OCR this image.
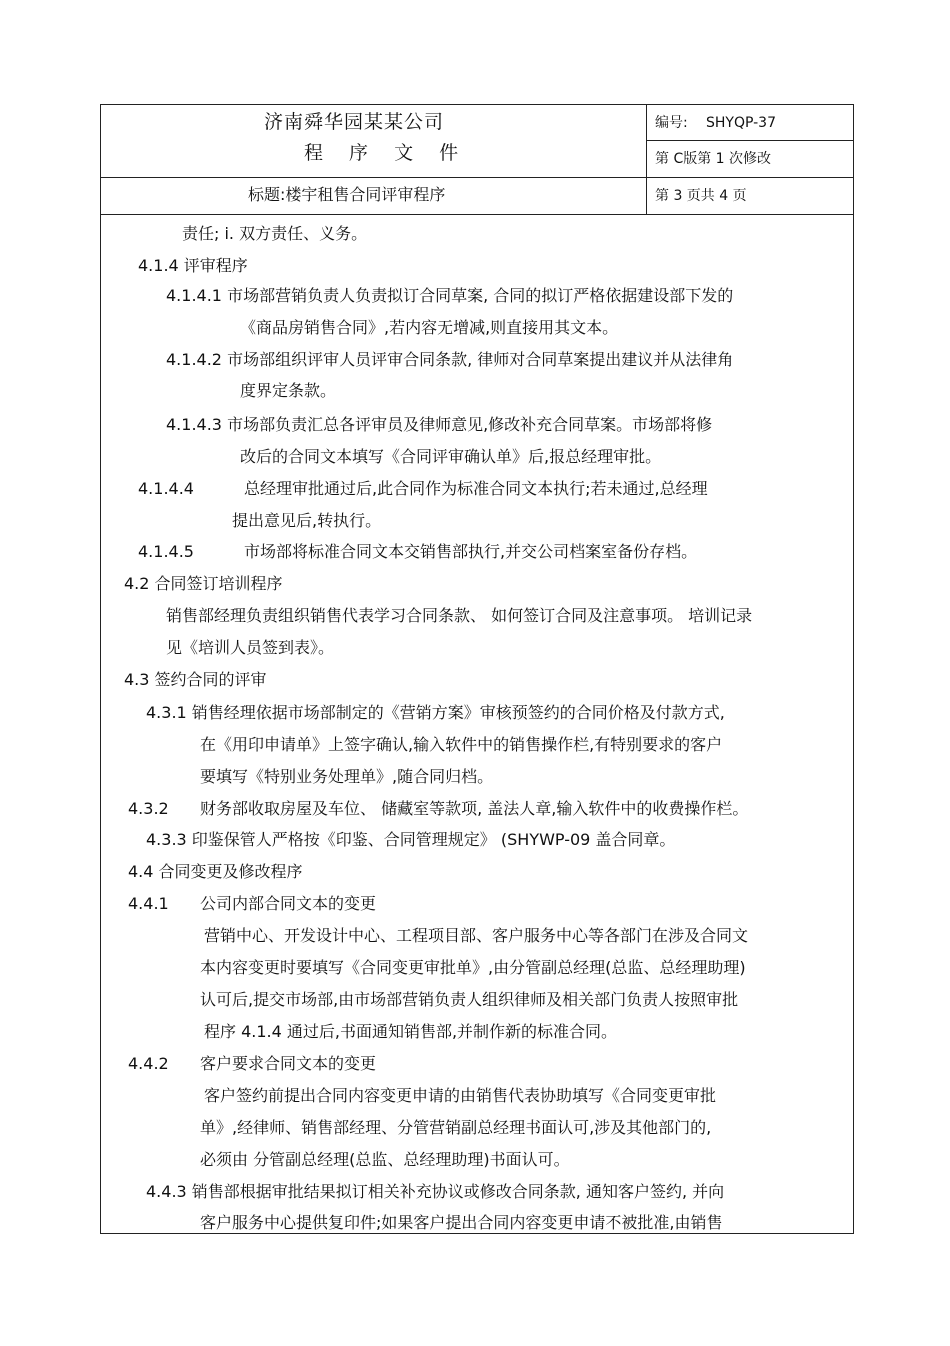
济南舜华园某某公司
程 序 文 件
编号: SHYQP-37
第 C版第 1 次修改
标题:楼宇租售合同评审程序	第 3 页共 4 页
责任; i. 双方责任、义务。
4.1.4 评审程序
4.1.4.1 市场部营销负责人负责拟订合同草案, 合同的拟订严格依据建设部下发的
《商品房销售合同》,若内容无增减,则直接用其文本。
4.1.4.2 市场部组织评审人员评审合同条款, 律师对合同草案提出建议并从法律角
度界定条款。
4.1.4.3 市场部负责汇总各评审员及律师意见,修改补充合同草案。市场部将修
改后的合同文本填写《合同评审确认单》后,报总经理审批。
4.1.4.4	总经理审批通过后,此合同作为标准合同文本执行;若未通过,总经理
提出意见后,转执行。
4.1.4.5	市场部将标准合同文本交销售部执行,并交公司档案室备份存档。
4.2 合同签订培训程序
销售部经理负责组织销售代表学习合同条款、 如何签订合同及注意事项。 培训记录
见《培训人员签到表》。
4.3 签约合同的评审
4.3.1 销售经理依据市场部制定的《营销方案》审核预签约的合同价格及付款方式,
在《用印申请单》上签字确认,输入软件中的销售操作栏,有特别要求的客户
要填写《特别业务处理单》,随合同归档。
4.3.2 财务部收取房屋及车位、 储藏室等款项, 盖法人章,输入软件中的收费操作栏。
4.3.3 印鉴保管人严格按《印鉴、合同管理规定》 (SHYWP-09 盖合同章。
4.4 合同变更及修改程序
4.4.1 公司内部合同文本的变更
营销中心、开发设计中心、工程项目部、客户服务中心等各部门在涉及合同文
本内容变更时要填写《合同变更审批单》,由分管副总经理(总监、总经理助理)
认可后,提交市场部,由市场部营销负责人组织律师及相关部门负责人按照审批
程序 4.1.4 通过后,书面通知销售部,并制作新的标准合同。
4.4.2 客户要求合同文本的变更
客户签约前提出合同内容变更申请的由销售代表协助填写《合同变更审批
单》,经律师、销售部经理、分管营销副总经理书面认可,涉及其他部门的,
必须由 分管副总经理(总监、总经理助理)书面认可。
4.4.3 销售部根据审批结果拟订相关补充协议或修改合同条款, 通知客户签约, 并向
客户服务中心提供复印件;如果客户提出合同内容变更申请不被批准,由销售
